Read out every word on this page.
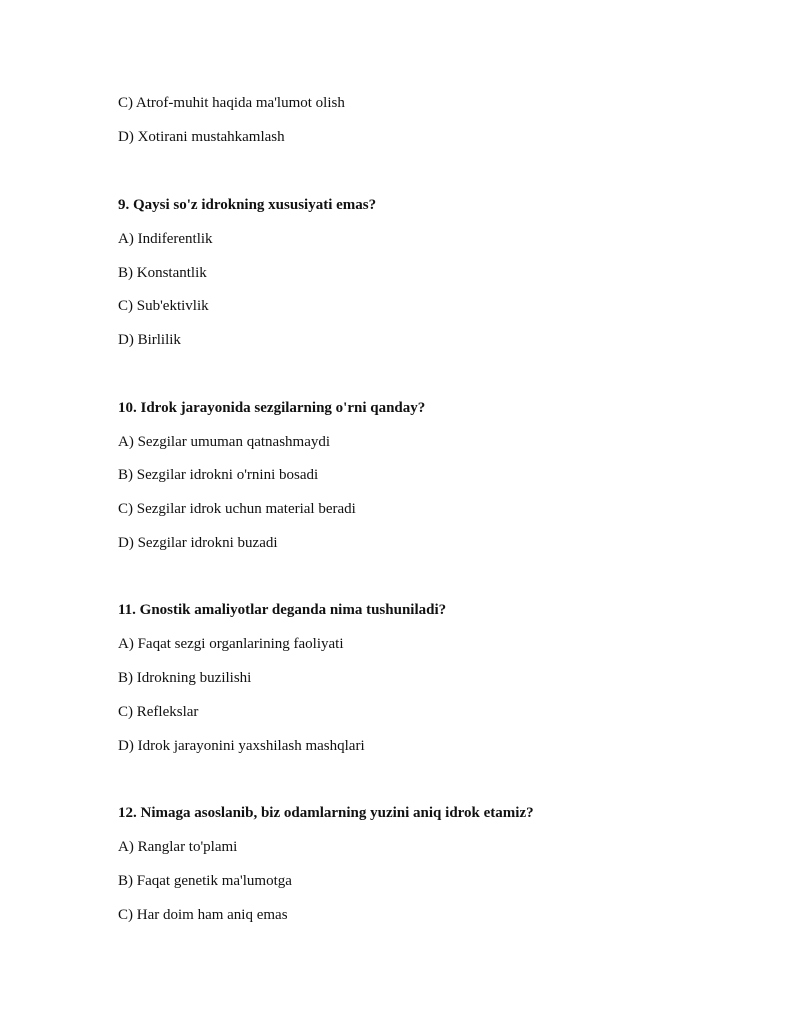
C) Atrof-muhit haqida ma'lumot olish
D) Xotirani mustahkamlash
9. Qaysi so'z idrokning xususiyati emas?
A) Indiferentlik
B) Konstantlik
C) Sub'ektivlik
D) Birlilik
10. Idrok jarayonida sezgilarning o'rni qanday?
A) Sezgilar umuman qatnashmaydi
B) Sezgilar idrokni o'rnini bosadi
C) Sezgilar idrok uchun material beradi
D) Sezgilar idrokni buzadi
11. Gnostik amaliyotlar deganda nima tushuniladi?
A) Faqat sezgi organlarining faoliyati
B) Idrokning buzilishi
C) Reflekslar
D) Idrok jarayonini yaxshilash mashqlari
12. Nimaga asoslanib, biz odamlarning yuzini aniq idrok etamiz?
A) Ranglar to'plami
B) Faqat genetik ma'lumotga
C) Har doim ham aniq emas
